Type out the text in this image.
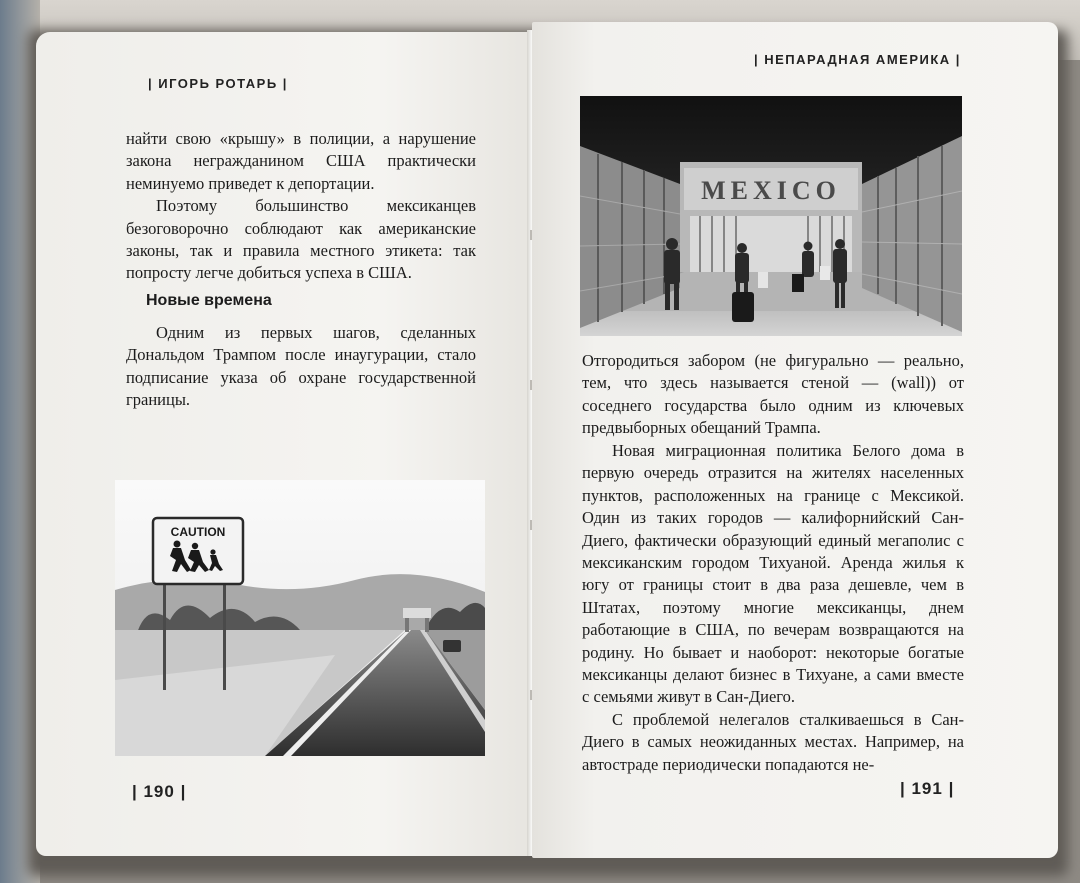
| ИГОРЬ РОТАРЬ |

найти свою «крышу» в полиции, а нарушение закона негражданином США практически неминуемо приведет к депортации.

Поэтому большинство мексиканцев безоговорочно соблюдают как американские законы, так и правила местного этикета: так попросту легче добиться успеха в США.

Новые времена

Одним из первых шагов, сделанных Дональдом Трампом после инаугурации, стало подписание указа об охране государственной границы.

CAUTION
| 190 |
| НЕПАРАДНАЯ АМЕРИКА |
MEXICO

Отгородиться забором (не фигурально — реально, тем, что здесь называется стеной — (wall)) от соседнего государства было одним из ключевых предвыборных обещаний Трампа.

Новая миграционная политика Белого дома в первую очередь отразится на жителях населенных пунктов, расположенных на границе с Мексикой. Один из таких городов — калифорнийский Сан-Диего, фактически образующий единый мегаполис с мексиканским городом Тихуаной. Аренда жилья к югу от границы стоит в два раза дешевле, чем в Штатах, поэтому многие мексиканцы, днем работающие в США, по вечерам возвращаются на родину. Но бывает и наоборот: некоторые богатые мексиканцы делают бизнес в Тихуане, а сами вместе с семьями живут в Сан-Диего.

С проблемой нелегалов сталкиваешься в Сан-Диего в самых неожиданных местах. Например, на автостраде периодически попадаются не-

| 191 |
